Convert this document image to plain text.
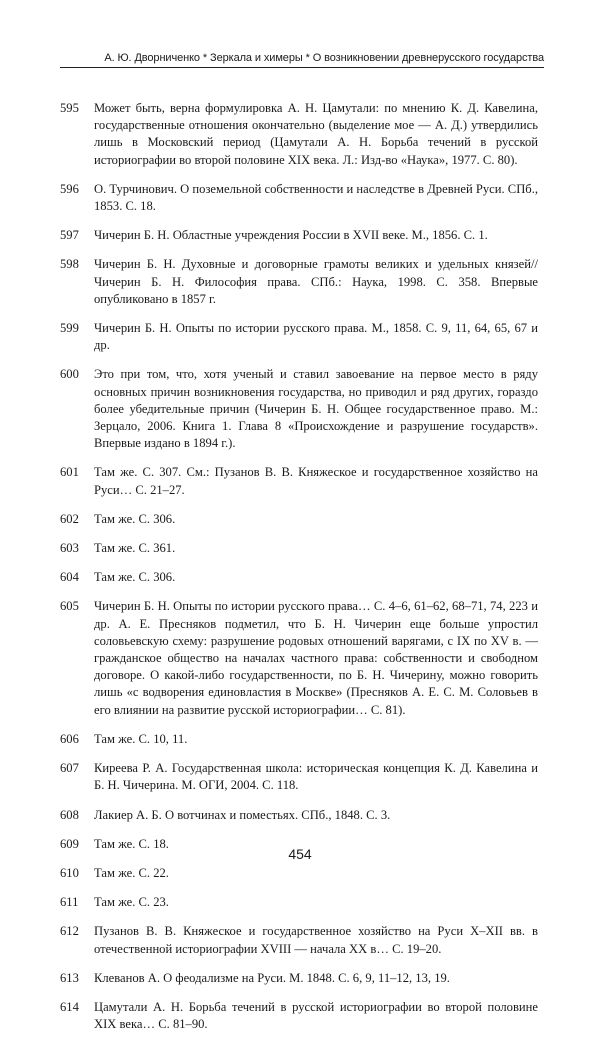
А. Ю. Дворниченко * Зеркала и химеры * О возникновении древнерусского государства
595	Может быть, верна формулировка А. Н. Цамутали: по мнению К. Д. Кавелина, государственные отношения окончательно (выделение мое — А. Д.) утвердились лишь в Московский период (Цамутали А. Н. Борьба течений в русской историографии во второй половине XIX века. Л.: Изд-во «Наука», 1977. С. 80).
596	О. Турчинович. О поземельной собственности и наследстве в Древней Руси. СПб., 1853. С. 18.
597	Чичерин Б. Н. Областные учреждения России в XVII веке. М., 1856. С. 1.
598	Чичерин Б. Н. Духовные и договорные грамоты великих и удельных князей// Чичерин Б. Н. Философия права. СПб.: Наука, 1998. С. 358. Впервые опубликовано в 1857 г.
599	Чичерин Б. Н. Опыты по истории русского права. М., 1858. С. 9, 11, 64, 65, 67 и др.
600	Это при том, что, хотя ученый и ставил завоевание на первое место в ряду основных причин возникновения государства, но приводил и ряд других, гораздо более убедительные причин (Чичерин Б. Н. Общее государственное право. М.: Зерцало, 2006. Книга 1. Глава 8 «Происхождение и разрушение государств». Впервые издано в 1894 г.).
601	Там же. С. 307. См.: Пузанов В. В. Княжеское и государственное хозяйство на Руси… С. 21–27.
602	Там же. С. 306.
603	Там же. С. 361.
604	Там же. С. 306.
605	Чичерин Б. Н. Опыты по истории русского права… С. 4–6, 61–62, 68–71, 74, 223 и др. А. Е. Пресняков подметил, что Б. Н. Чичерин еще больше упростил соловьевскую схему: разрушение родовых отношений варягами, с IX по XV в. — гражданское общество на началах частного права: собственности и свободном договоре. О какой-либо государственности, по Б. Н. Чичерину, можно говорить лишь «с водворения единовластия в Москве» (Пресняков А. Е. С. М. Соловьев в его влиянии на развитие русской историографии… С. 81).
606	Там же. С. 10, 11.
607	Киреева Р. А. Государственная школа: историческая концепция К. Д. Кавелина и Б. Н. Чичерина. М. ОГИ, 2004. С. 118.
608	Лакиер А. Б. О вотчинах и поместьях. СПб., 1848. С. 3.
609	Там же. С. 18.
610	Там же. С. 22.
611	Там же. С. 23.
612	Пузанов В. В. Княжеское и государственное хозяйство на Руси X–XII вв. в отечественной историографии XVIII — начала XX в… С. 19–20.
613	Клеванов А. О феодализме на Руси. М. 1848. С. 6, 9, 11–12, 13, 19.
614	Цамутали А. Н. Борьба течений в русской историографии во второй половине XIX века… С. 81–90.
454
